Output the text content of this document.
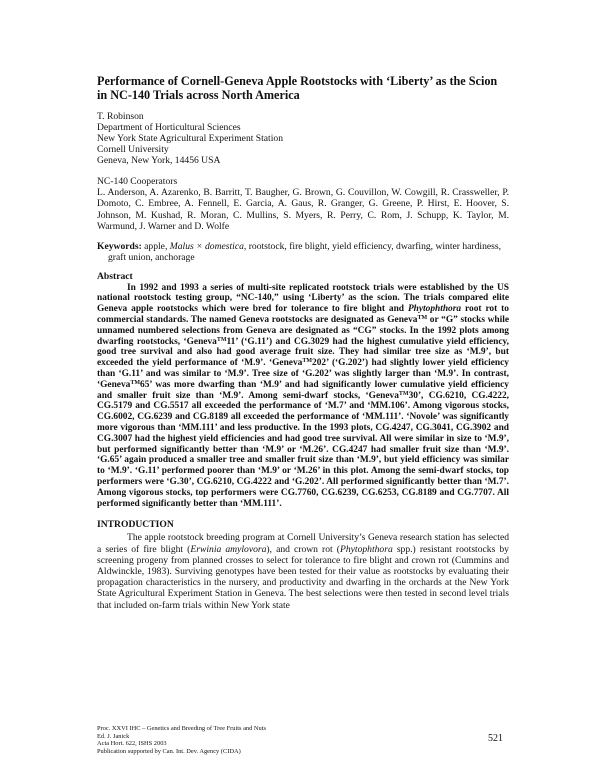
Performance of Cornell-Geneva Apple Rootstocks with ‘Liberty’ as the Scion in NC-140 Trials across North America
T. Robinson
Department of Horticultural Sciences
New York State Agricultural Experiment Station
Cornell University
Geneva, New York, 14456 USA
NC-140 Cooperators
L. Anderson, A. Azarenko, B. Barritt, T. Baugher, G. Brown, G. Couvillon, W. Cowgill, R. Crassweller, P. Domoto, C. Embree, A. Fennell, E. Garcia, A. Gaus, R. Granger, G. Greene, P. Hirst, E. Hoover, S. Johnson, M. Kushad, R. Moran, C. Mullins, S. Myers, R. Perry, C. Rom, J. Schupp, K. Taylor, M. Warmund, J. Warner and D. Wolfe
Keywords: apple, Malus × domestica, rootstock, fire blight, yield efficiency, dwarfing, winter hardiness, graft union, anchorage
Abstract

In 1992 and 1993 a series of multi-site replicated rootstock trials were established by the US national rootstock testing group, “NC-140,” using ‘Liberty’ as the scion. The trials compared elite Geneva apple rootstocks which were bred for tolerance to fire blight and Phytophthora root rot to commercial standards. The named Geneva rootstocks are designated as Geneva™ or “G” stocks while unnamed numbered selections from Geneva are designated as “CG” stocks. In the 1992 plots among dwarfing rootstocks, ‘Geneva™11’ (‘G.11’) and CG.3029 had the highest cumulative yield efficiency, good tree survival and also had good average fruit size. They had similar tree size as ‘M.9’, but exceeded the yield performance of ‘M.9’. ‘Geneva™202’ (‘G.202’) had slightly lower yield efficiency than ‘G.11’ and was similar to ‘M.9’. Tree size of ‘G.202’ was slightly larger than ‘M.9’. In contrast, ‘Geneva™65’ was more dwarfing than ‘M.9’ and had significantly lower cumulative yield efficiency and smaller fruit size than ‘M.9’. Among semi-dwarf stocks, ‘Geneva™30’, CG.6210, CG.4222, CG.5179 and CG.5517 all exceeded the performance of ‘M.7’ and ‘MM.106’. Among vigorous stocks, CG.6002, CG.6239 and CG.8189 all exceeded the performance of ‘MM.111’. ‘Novole’ was significantly more vigorous than ‘MM.111’ and less productive. In the 1993 plots, CG.4247, CG.3041, CG.3902 and CG.3007 had the highest yield efficiencies and had good tree survival. All were similar in size to ‘M.9’, but performed significantly better than ‘M.9’ or ‘M.26’. CG.4247 had smaller fruit size than ‘M.9’. ‘G.65’ again produced a smaller tree and smaller fruit size than ‘M.9’, but yield efficiency was similar to ‘M.9’. ‘G.11’ performed poorer than ‘M.9’ or ‘M.26’ in this plot. Among the semi-dwarf stocks, top performers were ‘G.30’, CG.6210, CG.4222 and ‘G.202’. All performed significantly better than ‘M.7’. Among vigorous stocks, top performers were CG.7760, CG.6239, CG.6253, CG.8189 and CG.7707. All performed significantly better than ‘MM.111’.

INTRODUCTION

The apple rootstock breeding program at Cornell University’s Geneva research station has selected a series of fire blight (Erwinia amylovora), and crown rot (Phytophthora spp.) resistant rootstocks by screening progeny from planned crosses to select for tolerance to fire blight and crown rot (Cummins and Aldwinckle, 1983). Surviving genotypes have been tested for their value as rootstocks by evaluating their propagation characteristics in the nursery, and productivity and dwarfing in the orchards at the New York State Agricultural Experiment Station in Geneva. The best selections were then tested in second level trials that included on-farm trials within New York state

Proc. XXVI IHC – Genetics and Breeding of Tree Fruits and Nuts
Ed. J. Janick
Acta Hort. 622, ISHS 2003
Publication supported by Can. Int. Dev. Agency (CIDA)
521
